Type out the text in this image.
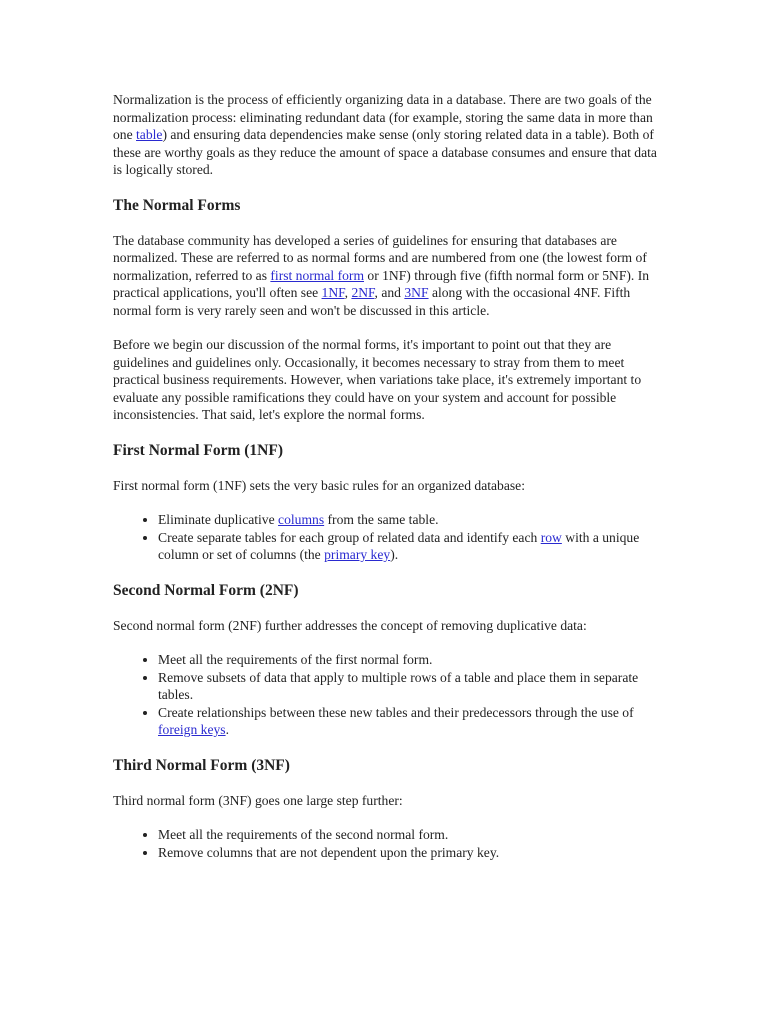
Normalization is the process of efficiently organizing data in a database. There are two goals of the normalization process: eliminating redundant data (for example, storing the same data in more than one table) and ensuring data dependencies make sense (only storing related data in a table). Both of these are worthy goals as they reduce the amount of space a database consumes and ensure that data is logically stored.

The Normal Forms

The database community has developed a series of guidelines for ensuring that databases are normalized. These are referred to as normal forms and are numbered from one (the lowest form of normalization, referred to as first normal form or 1NF) through five (fifth normal form or 5NF). In practical applications, you'll often see 1NF, 2NF, and 3NF along with the occasional 4NF. Fifth normal form is very rarely seen and won't be discussed in this article.

Before we begin our discussion of the normal forms, it's important to point out that they are guidelines and guidelines only. Occasionally, it becomes necessary to stray from them to meet practical business requirements. However, when variations take place, it's extremely important to evaluate any possible ramifications they could have on your system and account for possible inconsistencies. That said, let's explore the normal forms.

First Normal Form (1NF)

First normal form (1NF) sets the very basic rules for an organized database:

• Eliminate duplicative columns from the same table.
• Create separate tables for each group of related data and identify each row with a unique column or set of columns (the primary key).
Second Normal Form (2NF)

Second normal form (2NF) further addresses the concept of removing duplicative data:

• Meet all the requirements of the first normal form.
• Remove subsets of data that apply to multiple rows of a table and place them in separate tables.
• Create relationships between these new tables and their predecessors through the use of foreign keys.
Third Normal Form (3NF)

Third normal form (3NF) goes one large step further:

• Meet all the requirements of the second normal form.
• Remove columns that are not dependent upon the primary key.
